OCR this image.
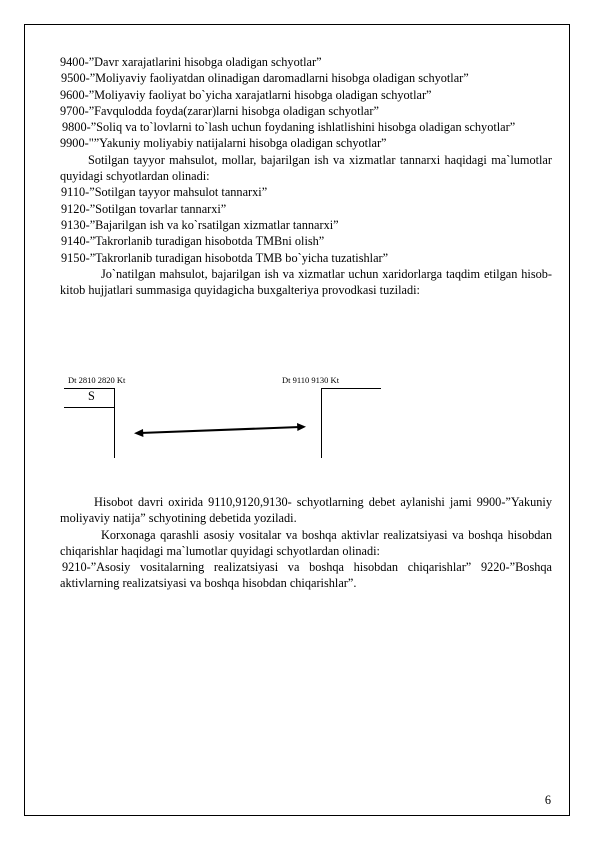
9400-”Davr xarajatlarini hisobga oladigan schyotlar”
9500-”Moliyaviy faoliyatdan olinadigan daromadlarni hisobga oladigan schyotlar”
9600-”Moliyaviy faoliyat bo`yicha xarajatlarni hisobga oladigan schyotlar”
9700-”Favqulodda foyda(zarar)larni hisobga oladigan schyotlar”
9800-”Soliq va to`lovlarni to`lash uchun foydaning ishlatlishini hisobga oladigan schyotlar”
9900-"”Yakuniy moliyabiy natijalarni hisobga oladigan schyotlar”
Sotilgan tayyor mahsulot, mollar, bajarilgan ish va xizmatlar tannarxi haqidagi ma`lumotlar quyidagi schyotlardan olinadi:
9110-”Sotilgan tayyor mahsulot tannarxi”
9120-”Sotilgan tovarlar tannarxi”
9130-”Bajarilgan ish va ko`rsatilgan xizmatlar tannarxi”
9140-”Takrorlanib turadigan hisobotda TMBni olish”
9150-”Takrorlanib turadigan hisobotda TMB bo`yicha tuzatishlar”
Jo`natilgan mahsulot, bajarilgan ish va xizmatlar uchun xaridorlarga taqdim etilgan hisob-kitob hujjatlari summasiga quyidagicha buxgalteriya provodkasi tuziladi:
Dt 2810 2820 Kt	Dt 9110 9130 Kt
S
Hisobot davri oxirida 9110,9120,9130- schyotlarning debet aylanishi jami 9900-”Yakuniy moliyaviy natija” schyotining debetida yoziladi.
Korxonaga qarashli asosiy vositalar va boshqa aktivlar realizatsiyasi va boshqa hisobdan chiqarishlar haqidagi ma`lumotlar quyidagi schyotlardan olinadi:
9210-”Asosiy vositalarning realizatsiyasi va boshqa hisobdan chiqarishlar” 9220-”Boshqa aktivlarning realizatsiyasi va boshqa hisobdan chiqarishlar”.
6
